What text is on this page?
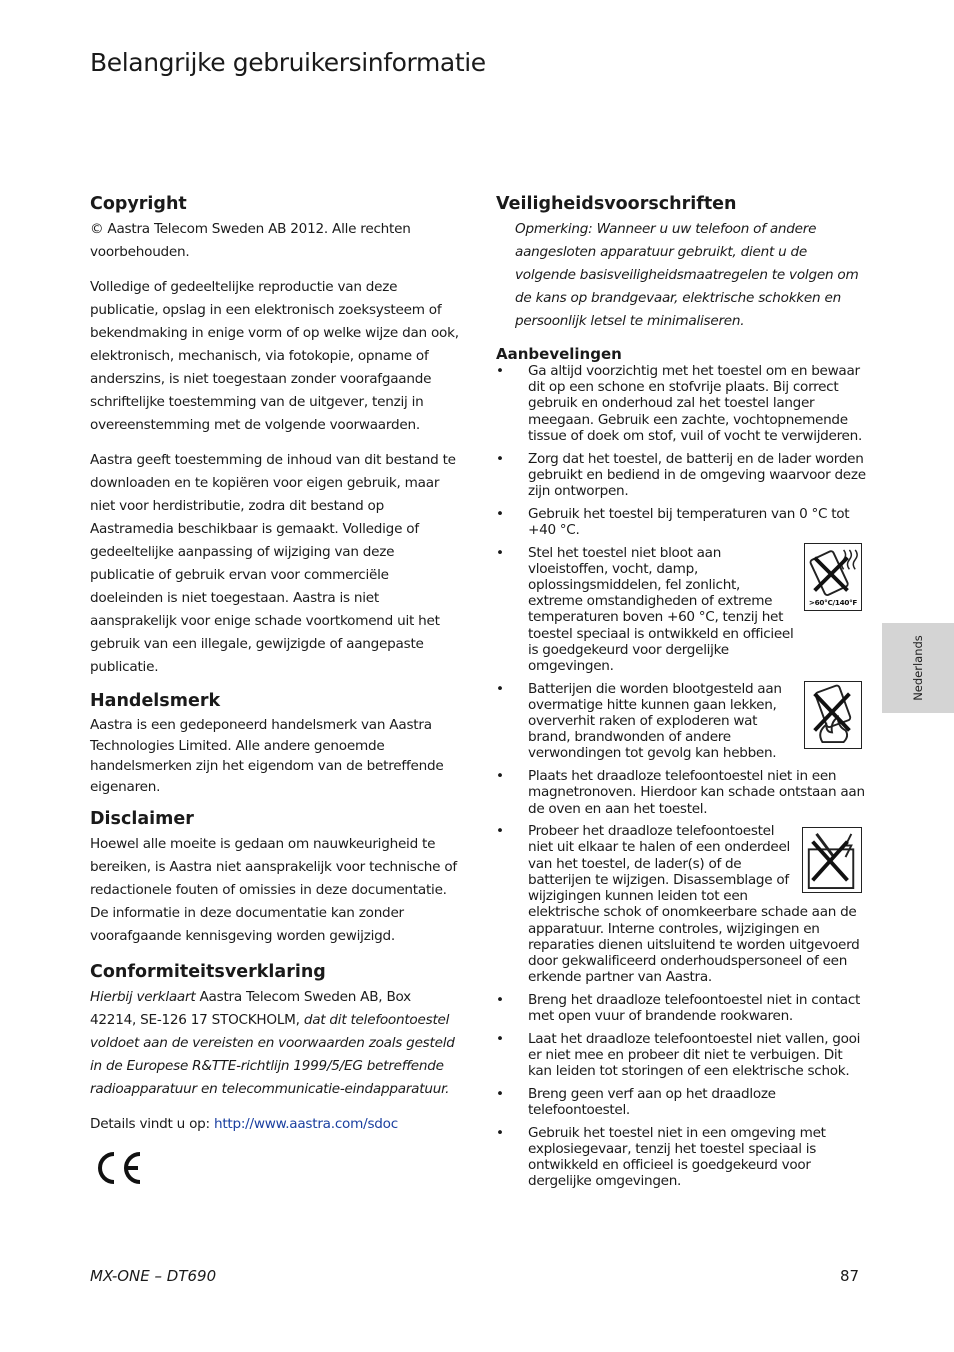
Belangrijke gebruikersinformatie
Nederlands
Copyright

© Aastra Telecom Sweden AB 2012. Alle rechten voorbehouden.

Volledige of gedeeltelijke reproductie van deze publicatie, opslag in een elektronisch zoeksysteem of bekendmaking in enige vorm of op welke wijze dan ook, elektronisch, mechanisch, via fotokopie, opname of anderszins, is niet toegestaan zonder voorafgaande schriftelijke toestemming van de uitgever, tenzij in overeenstemming met de volgende voorwaarden.

Aastra geeft toestemming de inhoud van dit bestand te downloaden en te kopiëren voor eigen gebruik, maar niet voor herdistributie, zodra dit bestand op Aastramedia beschikbaar is gemaakt. Volledige of gedeeltelijke aanpassing of wijziging van deze publicatie of gebruik ervan voor commerciële doeleinden is niet toegestaan. Aastra is niet aansprakelijk voor enige schade voortkomend uit het gebruik van een illegale, gewijzigde of aangepaste publicatie.

Handelsmerk

Aastra is een gedeponeerd handelsmerk van Aastra Technologies Limited. Alle andere genoemde handelsmerken zijn het eigendom van de betreffende eigenaren.

Disclaimer

Hoewel alle moeite is gedaan om nauwkeurigheid te bereiken, is Aastra niet aansprakelijk voor technische of redactionele fouten of omissies in deze documentatie. De informatie in deze documentatie kan zonder voorafgaande kennisgeving worden gewijzigd.

Conformiteitsverklaring

Hierbij verklaart Aastra Telecom Sweden AB, Box 42214, SE-126 17 STOCKHOLM, dat dit telefoontoestel voldoet aan de vereisten en voorwaarden zoals gesteld in de Europese R&TTE-richtlijn 1999/5/EG betreffende radioapparatuur en telecommunicatie-eindapparatuur.

Details vindt u op: http://www.aastra.com/sdoc

Veiligheidsvoorschriften

Opmerking: Wanneer u uw telefoon of andere aangesloten apparatuur gebruikt, dient u de volgende basisveiligheidsmaatregelen te volgen om de kans op brandgevaar, elektrische schokken en persoonlijk letsel te minimaliseren.

Aanbevelingen
• Ga altijd voorzichtig met het toestel om en bewaar dit op een schone en stofvrije plaats. Bij correct gebruik en onderhoud zal het toestel langer meegaan. Gebruik een zachte, vochtopnemende tissue of doek om stof, vuil of vocht te verwijderen.
• Zorg dat het toestel, de batterij en de lader worden gebruikt en bediend in de omgeving waarvoor deze zijn ontworpen.
• Gebruik het toestel bij temperaturen van 0 °C tot +40 °C.
• Stel het toestel niet bloot aan vloeistoffen, vocht, damp, oplossingsmiddelen, fel zonlicht, extreme omstandigheden of extreme temperaturen boven +60 °C, tenzij het toestel speciaal is ontwikkeld en officieel is goedgekeurd voor dergelijke omgevingen.
>60°C/140°F
• Batterijen die worden blootgesteld aan overmatige hitte kunnen gaan lekken, oververhit raken of exploderen wat brand, brandwonden of andere verwondingen tot gevolg kan hebben.
• Plaats het draadloze telefoontoestel niet in een magnetronoven. Hierdoor kan schade ontstaan aan de oven en aan het toestel.
• Probeer het draadloze telefoontoestel niet uit elkaar te halen of een onderdeel van het toestel, de lader(s) of de batterijen te wijzigen. Disassemblage of wijzigingen kunnen leiden tot een elektrische schok of onomkeerbare schade aan de apparatuur. Interne controles, wijzigingen en reparaties dienen uitsluitend te worden uitgevoerd door gekwalificeerd onderhoudspersoneel of een erkende partner van Aastra.
• Breng het draadloze telefoontoestel niet in contact met open vuur of brandende rookwaren.
• Laat het draadloze telefoontoestel niet vallen, gooi er niet mee en probeer dit niet te verbuigen. Dit kan leiden tot storingen of een elektrische schok.
• Breng geen verf aan op het draadloze telefoontoestel.
• Gebruik het toestel niet in een omgeving met explosiegevaar, tenzij het toestel speciaal is ontwikkeld en officieel is goedgekeurd voor dergelijke omgevingen.
MX-ONE – DT690	87
